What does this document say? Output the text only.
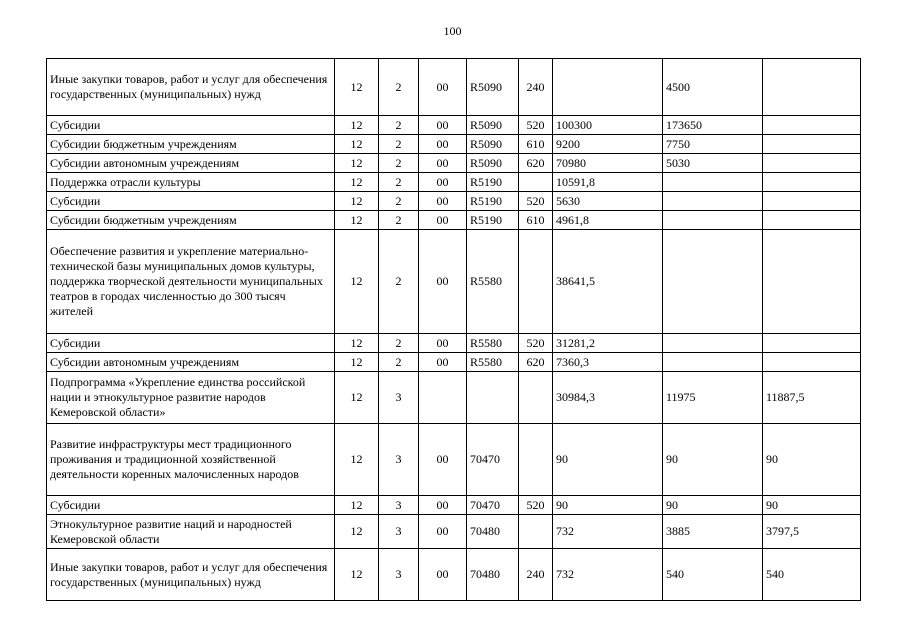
100
Иные закупки товаров, работ и услуг для обеспечения государственных (муниципальных) нужд	12	2	00	R5090	240		4500	
Субсидии	12	2	00	R5090	520	100300	173650	
Субсидии бюджетным учреждениям	12	2	00	R5090	610	9200	7750	
Субсидии автономным учреждениям	12	2	00	R5090	620	70980	5030	
Поддержка отрасли культуры	12	2	00	R5190		10591,8		
Субсидии	12	2	00	R5190	520	5630		
Субсидии бюджетным учреждениям	12	2	00	R5190	610	4961,8		
Обеспечение развития и укрепление материально-технической базы муниципальных домов культуры, поддержка творческой деятельности муниципальных театров в городах численностью до 300 тысяч жителей	12	2	00	R5580		38641,5		
Субсидии	12	2	00	R5580	520	31281,2		
Субсидии автономным учреждениям	12	2	00	R5580	620	7360,3		
Подпрограмма «Укрепление единства российской нации и этнокультурное развитие народов Кемеровской области»	12	3				30984,3	11975	11887,5
Развитие инфраструктуры мест традиционного проживания и традиционной хозяйственной деятельности коренных малочисленных народов	12	3	00	70470		90	90	90
Субсидии	12	3	00	70470	520	90	90	90
Этнокультурное развитие наций и народностей Кемеровской области	12	3	00	70480		732	3885	3797,5
Иные закупки товаров, работ и услуг для обеспечения государственных (муниципальных) нужд	12	3	00	70480	240	732	540	540
